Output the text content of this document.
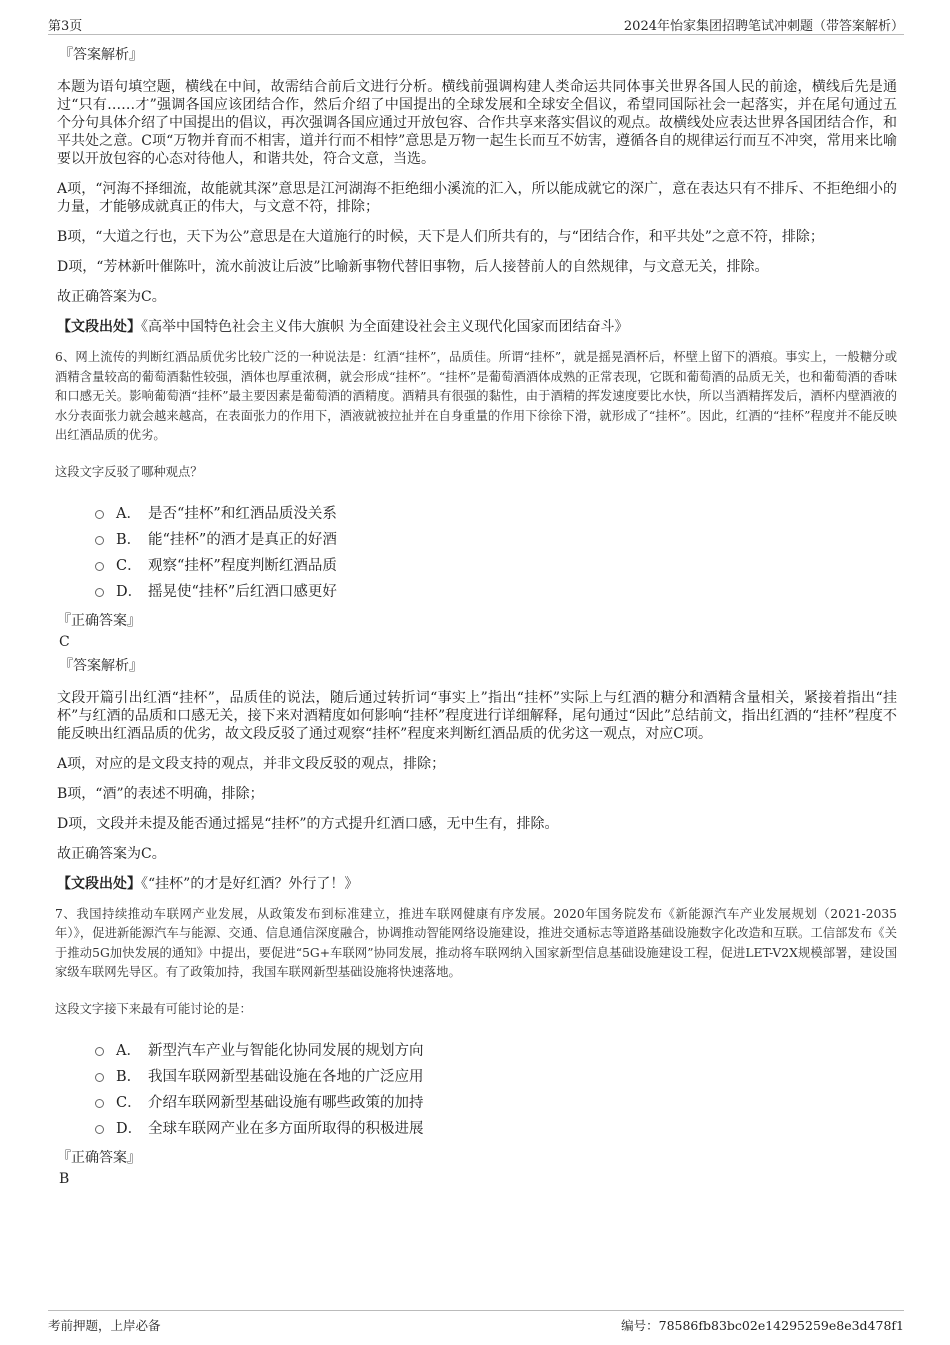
第3页	2024年怡家集团招聘笔试冲刺题（带答案解析）
『答案解析』
本题为语句填空题，横线在中间，故需结合前后文进行分析。横线前强调构建人类命运共同体事关世界各国人民的前途，横线后先是通过“只有……才”强调各国应该团结合作，然后介绍了中国提出的全球发展和全球安全倡议，希望同国际社会一起落实，并在尾句通过五个分句具体介绍了中国提出的倡议，再次强调各国应通过开放包容、合作共享来落实倡议的观点。故横线处应表达世界各国团结合作，和平共处之意。C项“万物并育而不相害，道并行而不相悖”意思是万物一起生长而互不妨害，遵循各自的规律运行而互不冲突，常用来比喻要以开放包容的心态对待他人，和谐共处，符合文意，当选。
A项，“河海不择细流，故能就其深”意思是江河湖海不拒绝细小溪流的汇入，所以能成就它的深广，意在表达只有不排斥、不拒绝细小的力量，才能够成就真正的伟大，与文意不符，排除；
B项，“大道之行也，天下为公”意思是在大道施行的时候，天下是人们所共有的，与“团结合作，和平共处”之意不符，排除；
D项，“芳林新叶催陈叶，流水前波让后波”比喻新事物代替旧事物，后人接替前人的自然规律，与文意无关，排除。
故正确答案为C。
【文段出处】《高举中国特色社会主义伟大旗帜 为全面建设社会主义现代化国家而团结奋斗》
6、网上流传的判断红酒品质优劣比较广泛的一种说法是：红酒“挂杯”，品质佳。所谓“挂杯”，就是摇晃酒杯后，杯壁上留下的酒痕。事实上，一般糖分或酒精含量较高的葡萄酒黏性较强，酒体也厚重浓稠，就会形成“挂杯”。“挂杯”是葡萄酒酒体成熟的正常表现，它既和葡萄酒的品质无关，也和葡萄酒的香味和口感无关。影响葡萄酒“挂杯”最主要因素是葡萄酒的酒精度。酒精具有很强的黏性，由于酒精的挥发速度要比水快，所以当酒精挥发后，酒杯内壁酒液的水分表面张力就会越来越高，在表面张力的作用下，酒液就被拉扯并在自身重量的作用下徐徐下滑，就形成了“挂杯”。因此，红酒的“挂杯”程度并不能反映出红酒品质的优劣。
这段文字反驳了哪种观点？
A． 是否“挂杯”和红酒品质没关系
B． 能“挂杯”的酒才是真正的好酒
C． 观察“挂杯”程度判断红酒品质
D． 摇晃使“挂杯”后红酒口感更好
『正确答案』
C
『答案解析』
文段开篇引出红酒“挂杯”，品质佳的说法，随后通过转折词“事实上”指出“挂杯”实际上与红酒的糖分和酒精含量相关，紧接着指出“挂杯”与红酒的品质和口感无关，接下来对酒精度如何影响“挂杯”程度进行详细解释，尾句通过“因此”总结前文，指出红酒的“挂杯”程度不能反映出红酒品质的优劣，故文段反驳了通过观察“挂杯”程度来判断红酒品质的优劣这一观点，对应C项。
A项，对应的是文段支持的观点，并非文段反驳的观点，排除；
B项，“酒”的表述不明确，排除；
D项，文段并未提及能否通过摇晃“挂杯”的方式提升红酒口感，无中生有，排除。
故正确答案为C。
【文段出处】《“挂杯”的才是好红酒？外行了！》
7、我国持续推动车联网产业发展，从政策发布到标准建立，推进车联网健康有序发展。2020年国务院发布《新能源汽车产业发展规划（2021-2035年）》，促进新能源汽车与能源、交通、信息通信深度融合，协调推动智能网络设施建设，推进交通标志等道路基础设施数字化改造和互联。工信部发布《关于推动5G加快发展的通知》中提出，要促进“5G+车联网”协同发展，推动将车联网纳入国家新型信息基础设施建设工程，促进LET-V2X规模部署，建设国家级车联网先导区。有了政策加持，我国车联网新型基础设施将快速落地。
这段文字接下来最有可能讨论的是：
A． 新型汽车产业与智能化协同发展的规划方向
B． 我国车联网新型基础设施在各地的广泛应用
C． 介绍车联网新型基础设施有哪些政策的加持
D． 全球车联网产业在多方面所取得的积极进展
『正确答案』
B
考前押题，上岸必备	编号：78586fb83bc02e14295259e8e3d478f1
